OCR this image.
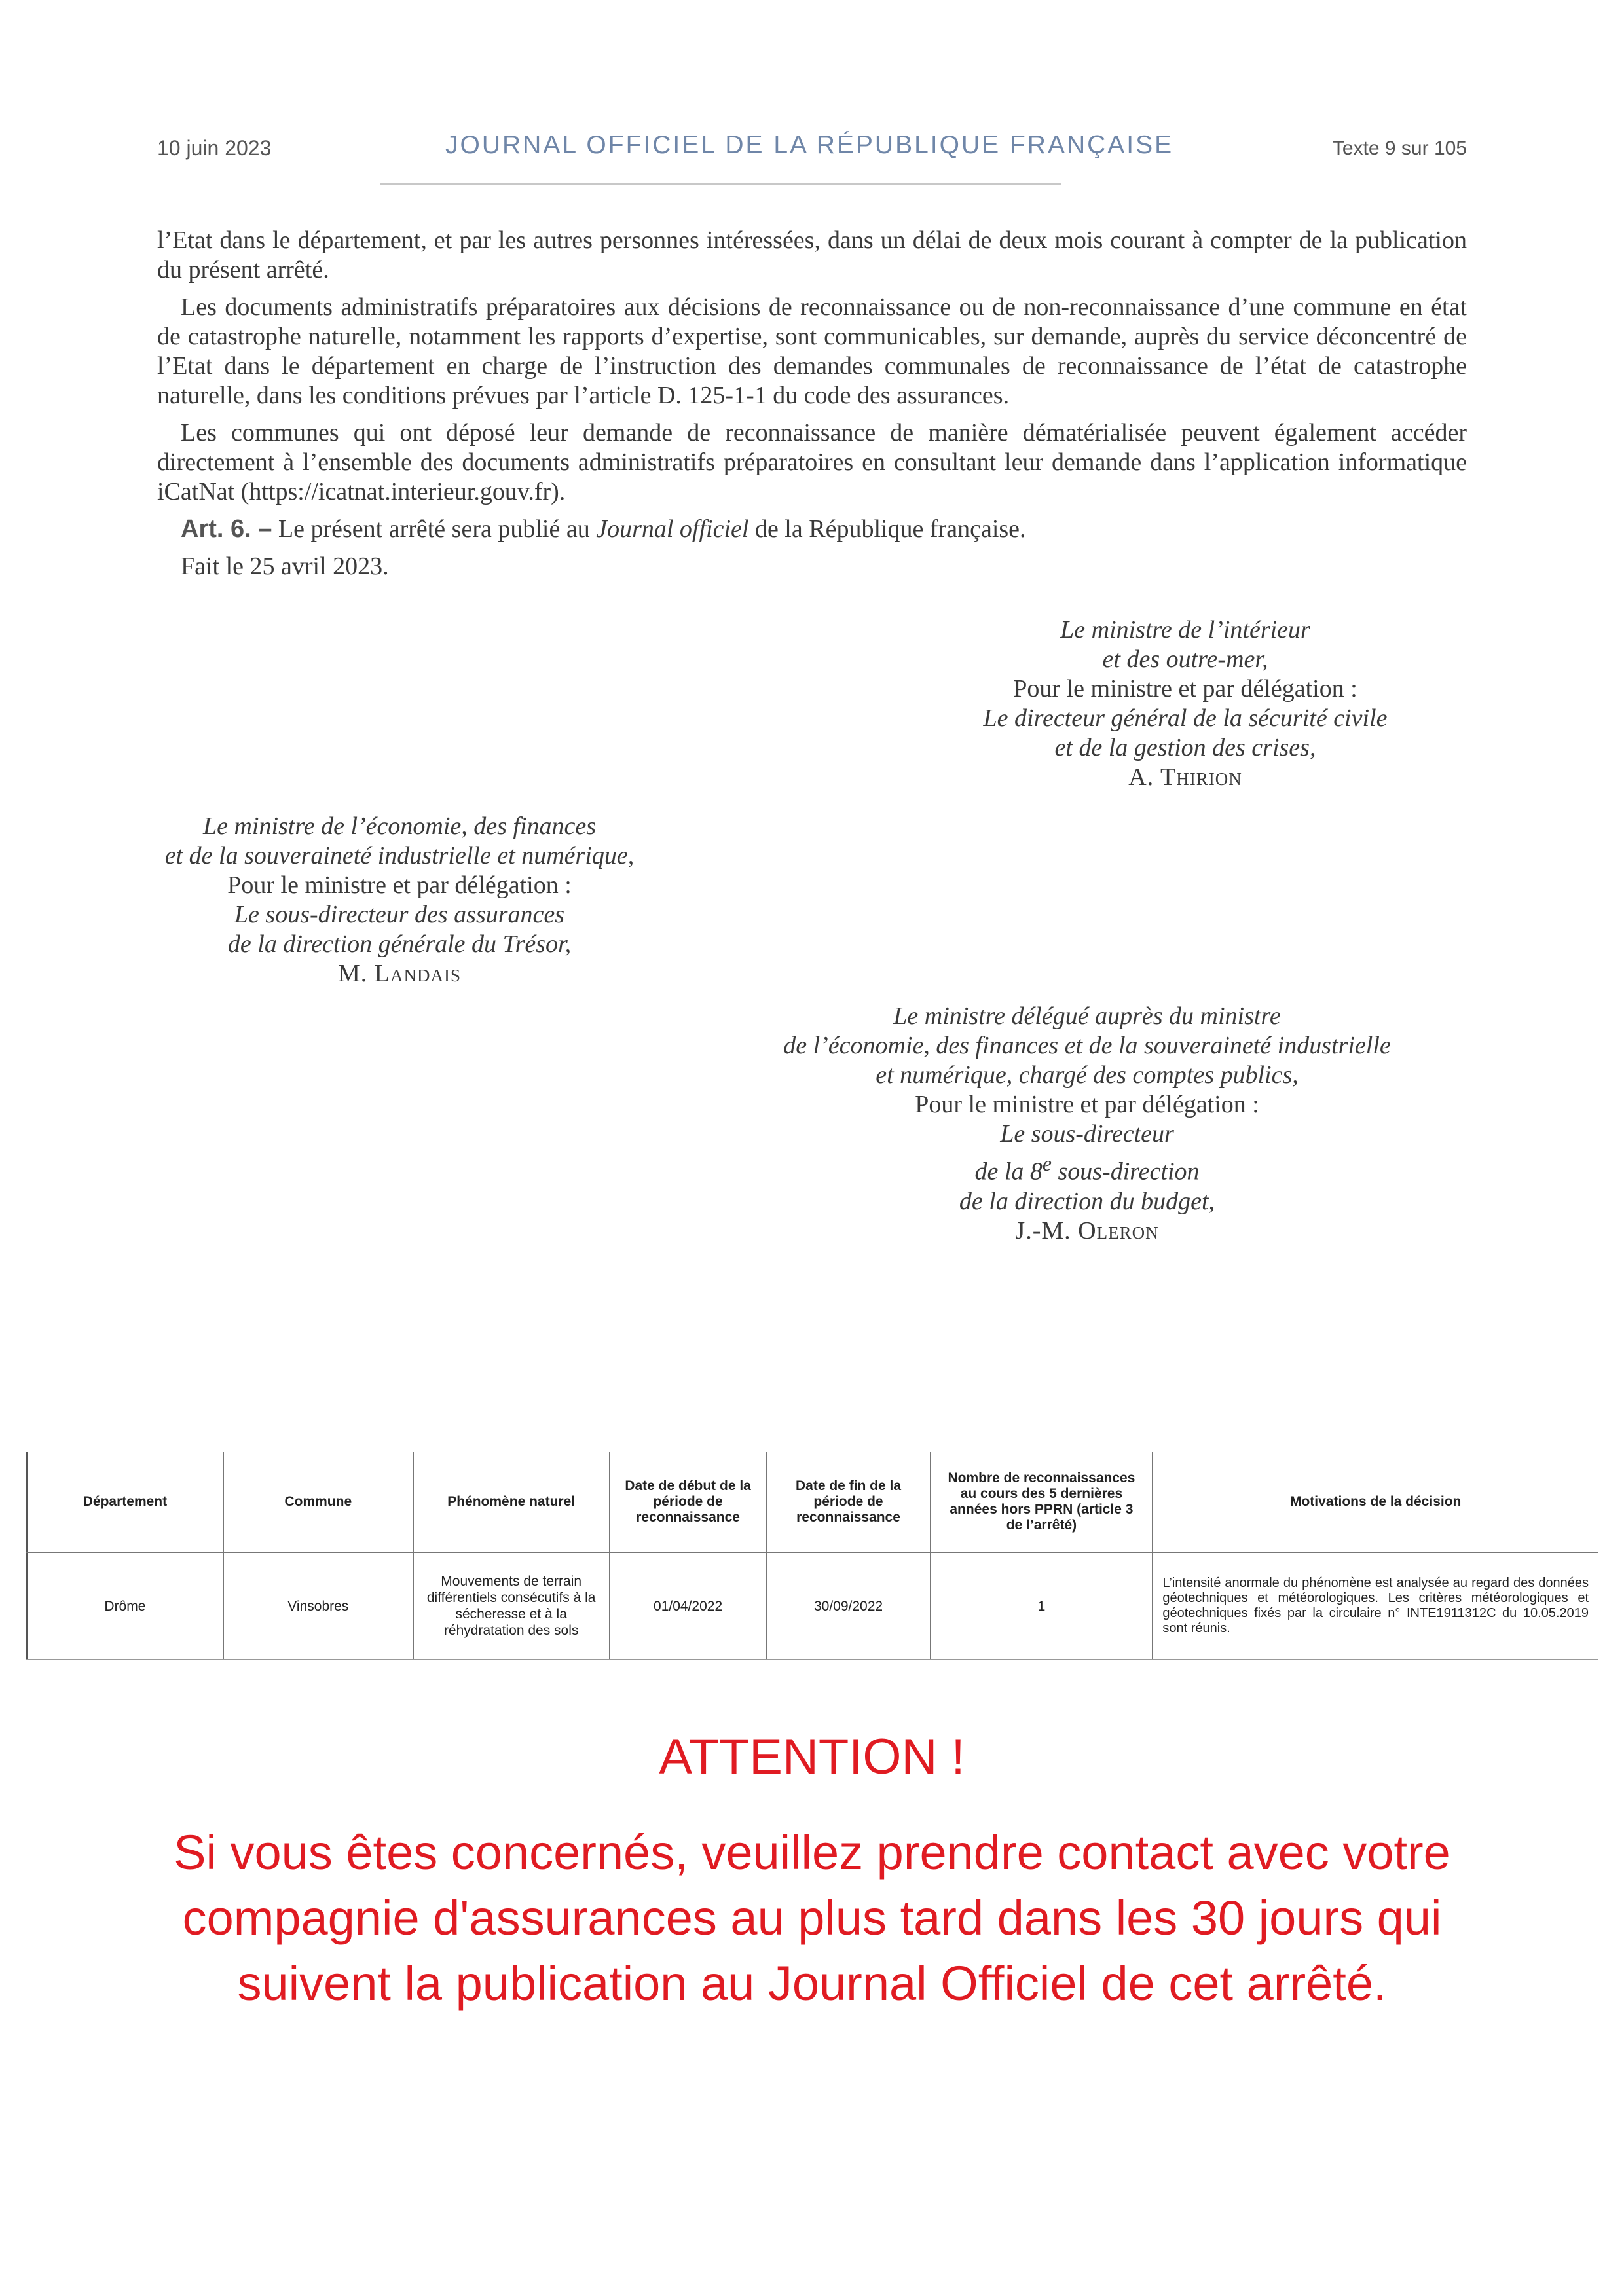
10 juin 2023	JOURNAL OFFICIEL DE LA RÉPUBLIQUE FRANÇAISE	Texte 9 sur 105

l’Etat dans le département, et par les autres personnes intéressées, dans un délai de deux mois courant à compter de la publication du présent arrêté.

Les documents administratifs préparatoires aux décisions de reconnaissance ou de non-reconnaissance d’une commune en état de catastrophe naturelle, notamment les rapports d’expertise, sont communicables, sur demande, auprès du service déconcentré de l’Etat dans le département en charge de l’instruction des demandes communales de reconnaissance de l’état de catastrophe naturelle, dans les conditions prévues par l’article D. 125-1-1 du code des assurances.

Les communes qui ont déposé leur demande de reconnaissance de manière dématérialisée peuvent également accéder directement à l’ensemble des documents administratifs préparatoires en consultant leur demande dans l’application informatique iCatNat (https://icatnat.interieur.gouv.fr).

Art. 6. – Le présent arrêté sera publié au Journal officiel de la République française.

Fait le 25 avril 2023.

Le ministre de l’intérieur
et des outre-mer,
Pour le ministre et par délégation :
Le directeur général de la sécurité civile
et de la gestion des crises,
A. Thirion
Le ministre de l’économie, des finances
et de la souveraineté industrielle et numérique,
Pour le ministre et par délégation :
Le sous-directeur des assurances
de la direction générale du Trésor,
M. Landais
Le ministre délégué auprès du ministre
de l’économie, des finances et de la souveraineté industrielle
et numérique, chargé des comptes publics,
Pour le ministre et par délégation :
Le sous-directeur
de la 8e sous-direction
de la direction du budget,
J.-M. Oleron
Département	Commune	Phénomène naturel	Date de début de la période de reconnaissance	Date de fin de la période de reconnaissance	Nombre de reconnaissances au cours des 5 dernières années hors PPRN (article 3 de l’arrêté)	Motivations de la décision
Drôme	Vinsobres	Mouvements de terrain différentiels consécutifs à la sécheresse et à la réhydratation des sols	01/04/2022	30/09/2022	1	L’intensité anormale du phénomène est analysée au regard des données géotechniques et météorologiques. Les critères météorologiques et géotechniques fixés par la circulaire n° INTE1911312C du 10.05.2019 sont réunis.
ATTENTION !
Si vous êtes concernés, veuillez prendre contact avec votre
compagnie d'assurances au plus tard dans les 30 jours qui
suivent la publication au Journal Officiel de cet arrêté.
